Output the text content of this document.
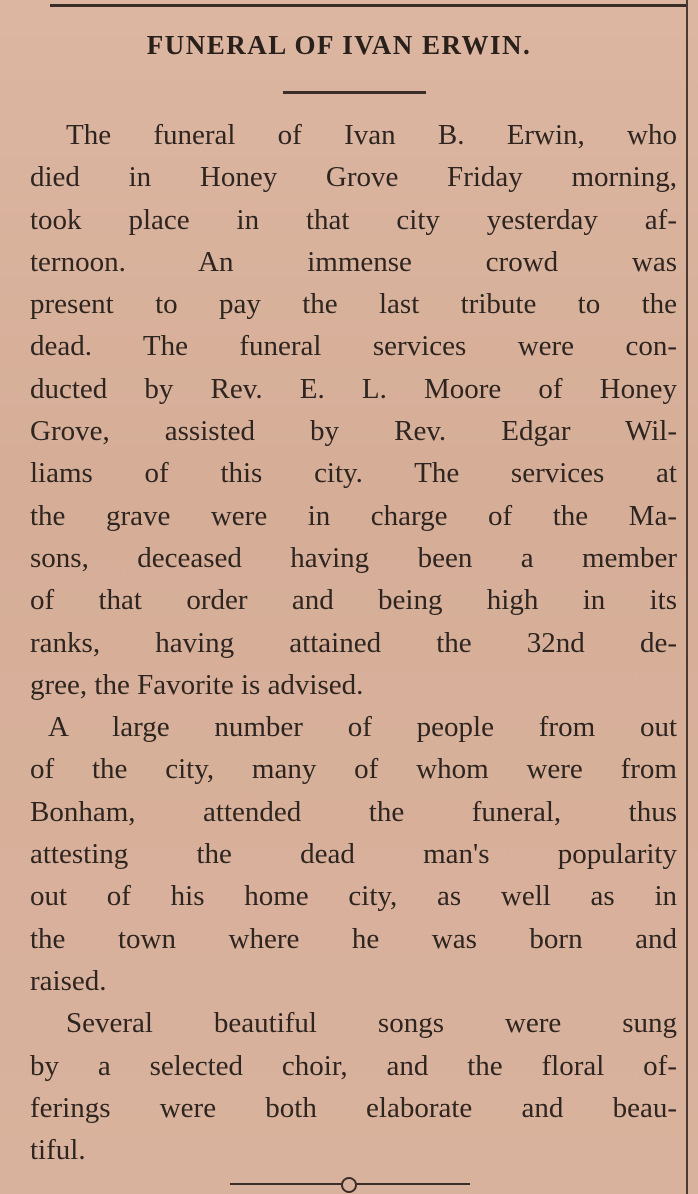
FUNERAL OF IVAN ERWIN.
The funeral of Ivan B. Erwin, who
died in Honey Grove Friday morning,
took place in that city yesterday af-
ternoon. An immense crowd was
present to pay the last tribute to the
dead. The funeral services were con-
ducted by Rev. E. L. Moore of Honey
Grove, assisted by Rev. Edgar Wil-
liams of this city. The services at
the grave were in charge of the Ma-
sons, deceased having been a member
of that order and being high in its
ranks, having attained the 32nd de-
gree, the Favorite is advised.
A large number of people from out
of the city, many of whom were from
Bonham, attended the funeral, thus
attesting the dead man's popularity
out of his home city, as well as in
the town where he was born and
raised.
Several beautiful songs were sung
by a selected choir, and the floral of-
ferings were both elaborate and beau-
tiful.
